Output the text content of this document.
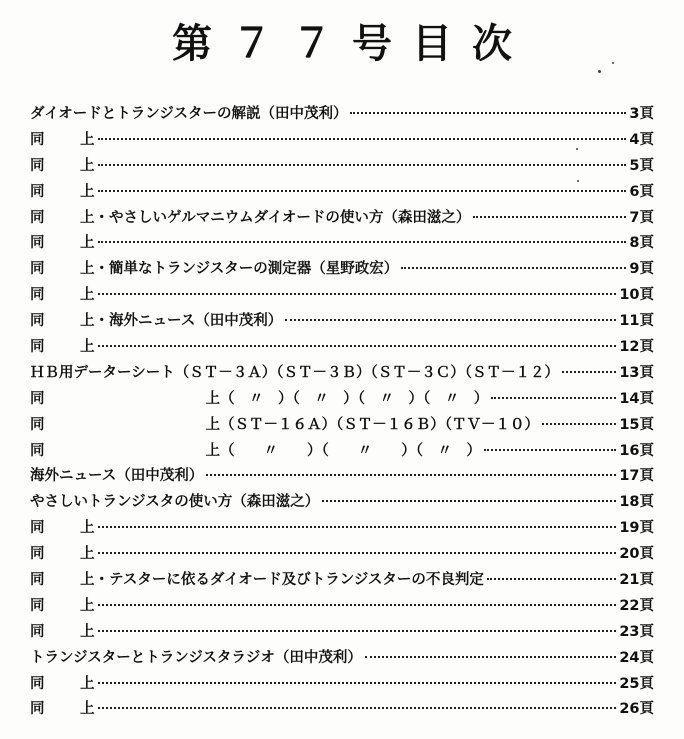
第７７号目次
ダイオードとトランジスターの解説（田中茂利）	3頁
同	上	4頁
同	上	5頁
同	上	6頁
同	上 ・やさしいゲルマニウムダイオードの使い方（森田滋之）	7頁
同	上	8頁
同	上 ・簡単なトランジスターの測定器（星野政宏）	9頁
同	上	10頁
同	上 ・海外ニュース（田中茂利）	11頁
同	上	12頁
ＨＢ用データーシート（ＳＴ－３Ａ）（ＳＴ－３Ｂ）（ＳＴ－３Ｃ）（ＳＴ－１２）	13頁
同	上 （　〃　）（　〃　）（　〃　）（　〃　）	14頁
同	上 （ＳＴ－１６Ａ）（ＳＴ－１６Ｂ）（ＴＶ－１０）	15頁
同	上 （　　〃　　）（　　〃　　）（　〃　）	16頁
海外ニュース（田中茂利）	17頁
やさしいトランジスタの使い方（森田滋之）	18頁
同	上	19頁
同	上	20頁
同	上 ・テスターに依るダイオード及びトランジスターの不良判定	21頁
同	上	22頁
同	上	23頁
トランジスターとトランジスタラジオ（田中茂利）	24頁
同	上	25頁
同	上	26頁
